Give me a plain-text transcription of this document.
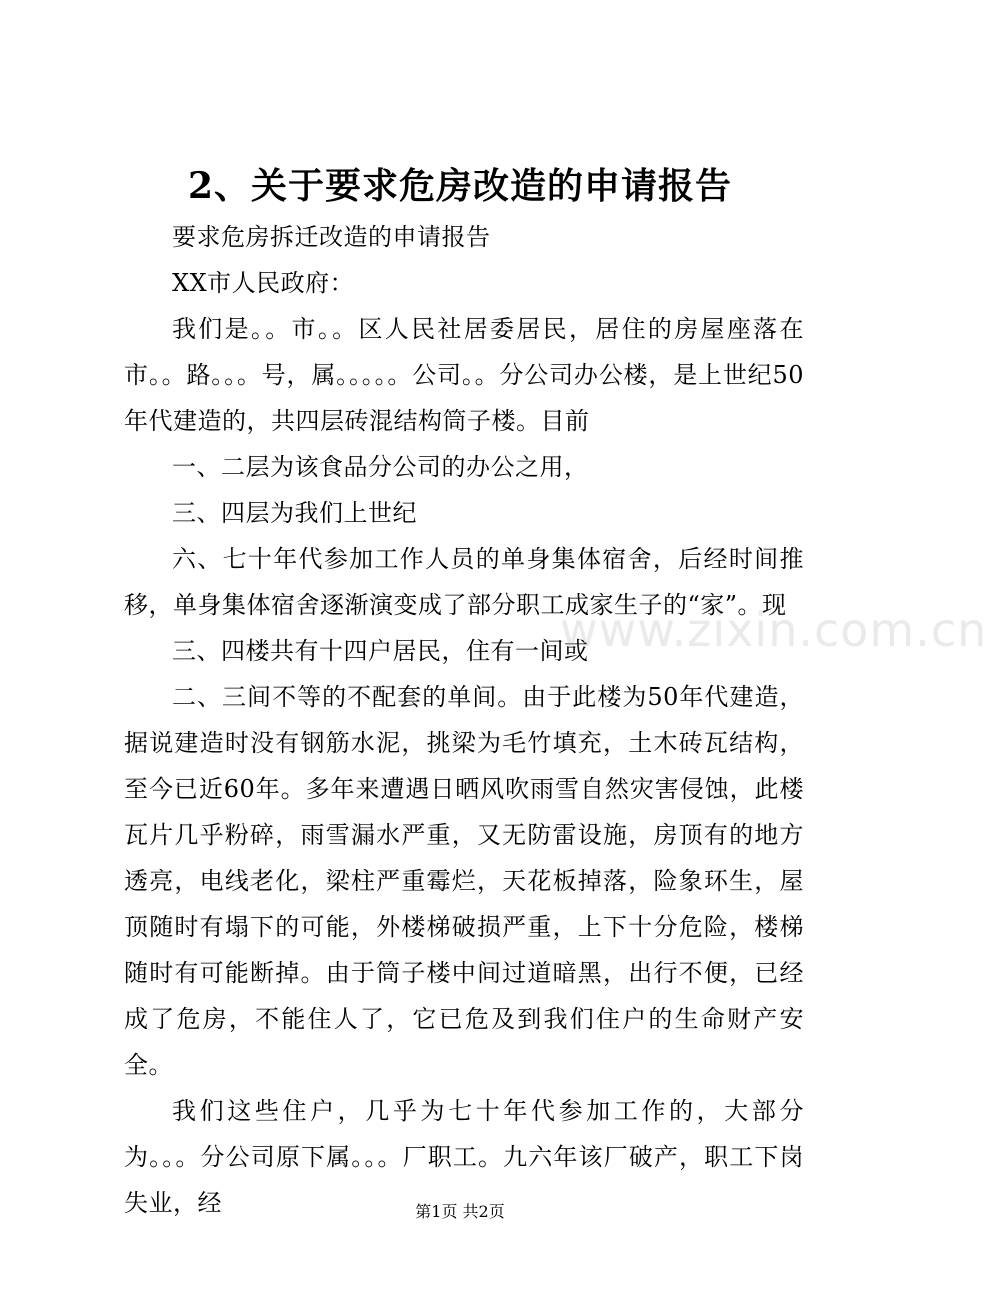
2、关于要求危房改造的申请报告

要求危房拆迁改造的申请报告

XX市人民政府：

我们是。。市。。区人民社居委居民，居住的房屋座落在市。。路。。。号，属。。。。。公司。。分公司办公楼，是上世纪50年代建造的，共四层砖混结构筒子楼。目前

一、二层为该食品分公司的办公之用，

三、四层为我们上世纪

六、七十年代参加工作人员的单身集体宿舍，后经时间推移，单身集体宿舍逐渐演变成了部分职工成家生子的“家”。现

三、四楼共有十四户居民，住有一间或

二、三间不等的不配套的单间。由于此楼为50年代建造，据说建造时没有钢筋水泥，挑梁为毛竹填充，土木砖瓦结构，至今已近60年。多年来遭遇日晒风吹雨雪自然灾害侵蚀，此楼瓦片几乎粉碎，雨雪漏水严重，又无防雷设施，房顶有的地方透亮，电线老化，梁柱严重霉烂，天花板掉落，险象环生，屋顶随时有塌下的可能，外楼梯破损严重，上下十分危险，楼梯随时有可能断掉。由于筒子楼中间过道暗黑，出行不便，已经成了危房，不能住人了，它已危及到我们住户的生命财产安全。

我们这些住户，几乎为七十年代参加工作的，大部分为。。。分公司原下属。。。厂职工。九六年该厂破产，职工下岗失业，经

www.zixin.com.cn
第1页 共2页
